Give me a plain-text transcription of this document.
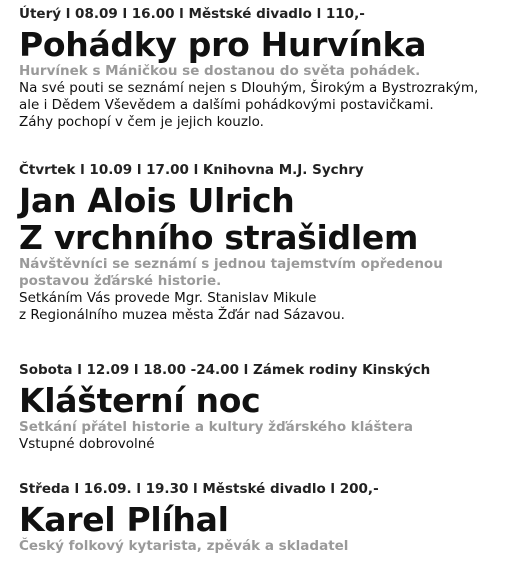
Úterý l 08.09 l 16.00 l Městské divadlo l 110,-
Pohádky pro Hurvínka
Hurvínek s Máničkou se dostanou do světa pohádek.
Na své pouti se seznámí nejen s Dlouhým, Širokým a Bystrozrakým,
ale i Dědem Vševědem a dalšími pohádkovými postavičkami.
Záhy pochopí v čem je jejich kouzlo.
Čtvrtek l 10.09 l 17.00 l Knihovna M.J. Sychry
Jan Alois Ulrich
Z vrchního strašidlem
Návštěvníci se seznámí s jednou tajemstvím opředenou
postavou žďárské historie.
Setkáním Vás provede Mgr. Stanislav Mikule
z Regionálního muzea města Žďár nad Sázavou.
Sobota l 12.09 l 18.00 -24.00 l Zámek rodiny Kinských
Klášterní noc
Setkání přátel historie a kultury žďárského kláštera
Vstupné dobrovolné
Středa l 16.09. l 19.30 l Městské divadlo l 200,-
Karel Plíhal
Český folkový kytarista, zpěvák a skladatel
